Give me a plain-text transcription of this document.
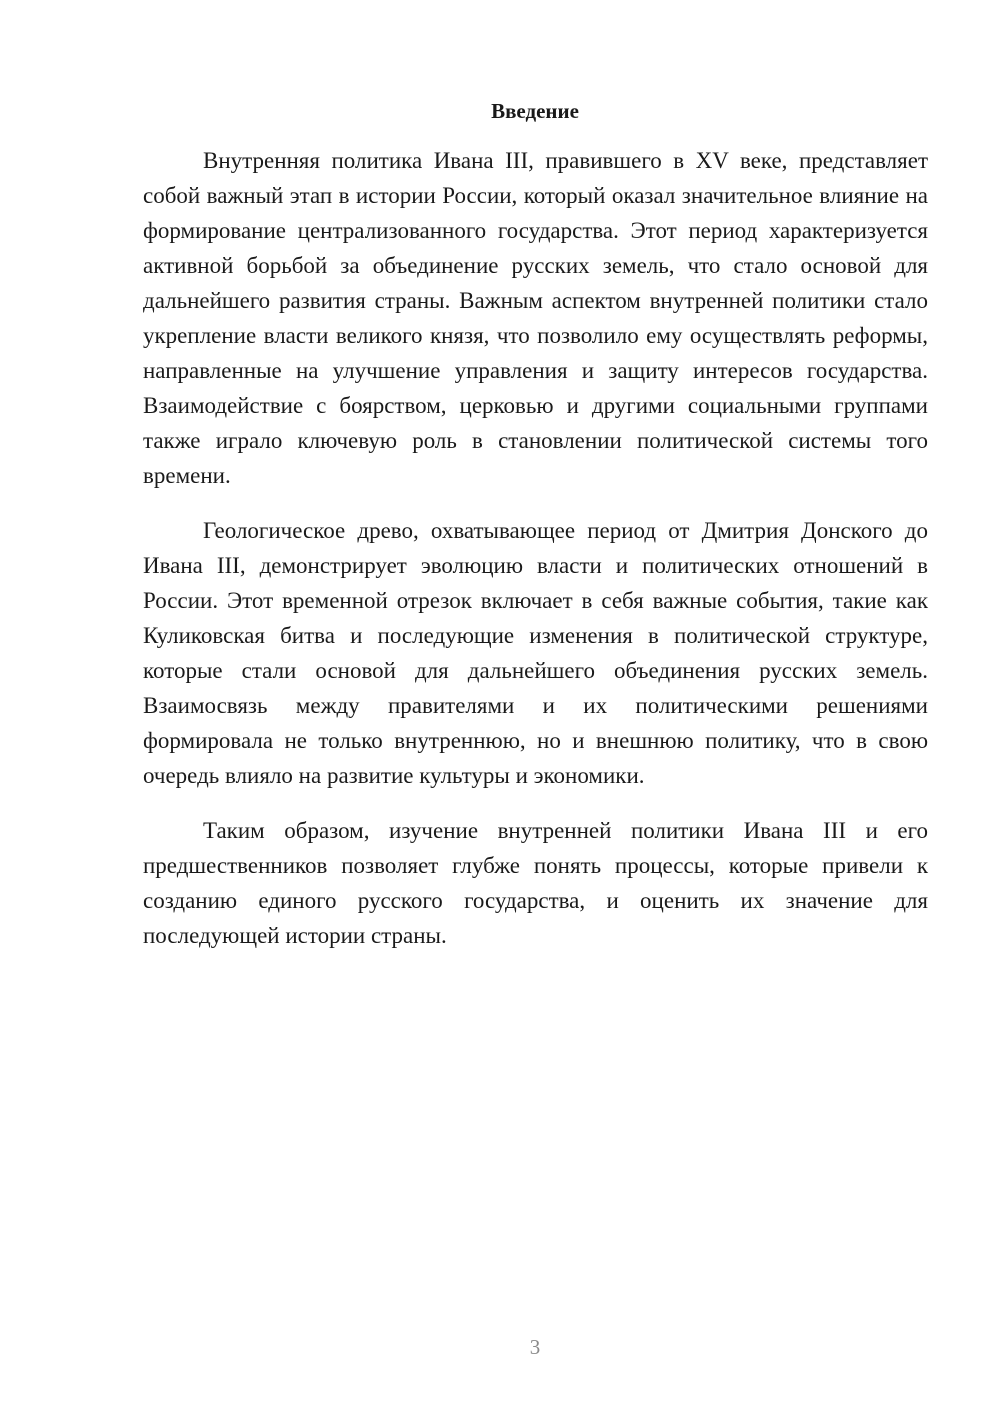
Введение

Внутренняя политика Ивана III, правившего в XV веке, представляет собой важный этап в истории России, который оказал значительное влияние на формирование централизованного государства. Этот период характеризуется активной борьбой за объединение русских земель, что стало основой для дальнейшего развития страны. Важным аспектом внутренней политики стало укрепление власти великого князя, что позволило ему осуществлять реформы, направленные на улучшение управления и защиту интересов государства. Взаимодействие с боярством, церковью и другими социальными группами также играло ключевую роль в становлении политической системы того времени.

Геологическое древо, охватывающее период от Дмитрия Донского до Ивана III, демонстрирует эволюцию власти и политических отношений в России. Этот временной отрезок включает в себя важные события, такие как Куликовская битва и последующие изменения в политической структуре, которые стали основой для дальнейшего объединения русских земель. Взаимосвязь между правителями и их политическими решениями формировала не только внутреннюю, но и внешнюю политику, что в свою очередь влияло на развитие культуры и экономики.

Таким образом, изучение внутренней политики Ивана III и его предшественников позволяет глубже понять процессы, которые привели к созданию единого русского государства, и оценить их значение для последующей истории страны.

3
